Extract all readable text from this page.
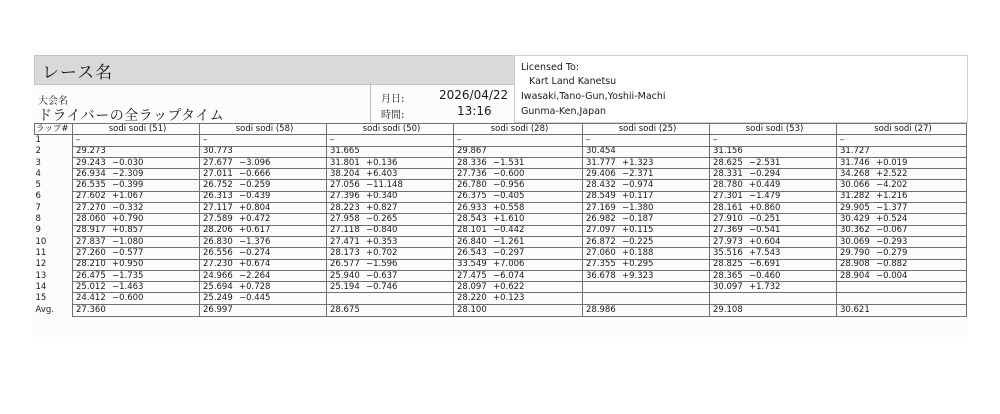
レース名
大会名
ドライバーの全ラップタイム
月日:	2026/04/22
時間:	13:16
Licensed To:
Kart Land Kanetsu
Iwasaki,Tano-Gun,Yoshii-Machi
Gunma-Ken,Japan
ラップ#	sodi sodi (51)	sodi sodi (58)	sodi sodi (50)	sodi sodi (28)	sodi sodi (25)	sodi sodi (53)	sodi sodi (27)
1	–	–	–	–	–	–	–
2	29.273	30.773	31.665	29.867	30.454	31.156	31.727
3	29.243 −0.030	27.677 −3.096	31.801 +0.136	28.336 −1.531	31.777 +1.323	28.625 −2.531	31.746 +0.019
4	26.934 −2.309	27.011 −0.666	38.204 +6.403	27.736 −0.600	29.406 −2.371	28.331 −0.294	34.268 +2.522
5	26.535 −0.399	26.752 −0.259	27.056 −11.148	26.780 −0.956	28.432 −0.974	28.780 +0.449	30.066 −4.202
6	27.602 +1.067	26.313 −0.439	27.396 +0.340	26.375 −0.405	28.549 +0.117	27.301 −1.479	31.282 +1.216
7	27.270 −0.332	27.117 +0.804	28.223 +0.827	26.933 +0.558	27.169 −1.380	28.161 +0.860	29.905 −1.377
8	28.060 +0.790	27.589 +0.472	27.958 −0.265	28.543 +1.610	26.982 −0.187	27.910 −0.251	30.429 +0.524
9	28.917 +0.857	28.206 +0.617	27.118 −0.840	28.101 −0.442	27.097 +0.115	27.369 −0.541	30.362 −0.067
10	27.837 −1.080	26.830 −1.376	27.471 +0.353	26.840 −1.261	26.872 −0.225	27.973 +0.604	30.069 −0.293
11	27.260 −0.577	26.556 −0.274	28.173 +0.702	26.543 −0.297	27.060 +0.188	35.516 +7.543	29.790 −0.279
12	28.210 +0.950	27.230 +0.674	26.577 −1.596	33.549 +7.006	27.355 +0.295	28.825 −6.691	28.908 −0.882
13	26.475 −1.735	24.966 −2.264	25.940 −0.637	27.475 −6.074	36.678 +9.323	28.365 −0.460	28.904 −0.004
14	25.012 −1.463	25.694 +0.728	25.194 −0.746	28.097 +0.622		30.097 +1.732	
15	24.412 −0.600	25.249 −0.445		28.220 +0.123			
Avg.	27.360	26.997	28.675	28.100	28.986	29.108	30.621
